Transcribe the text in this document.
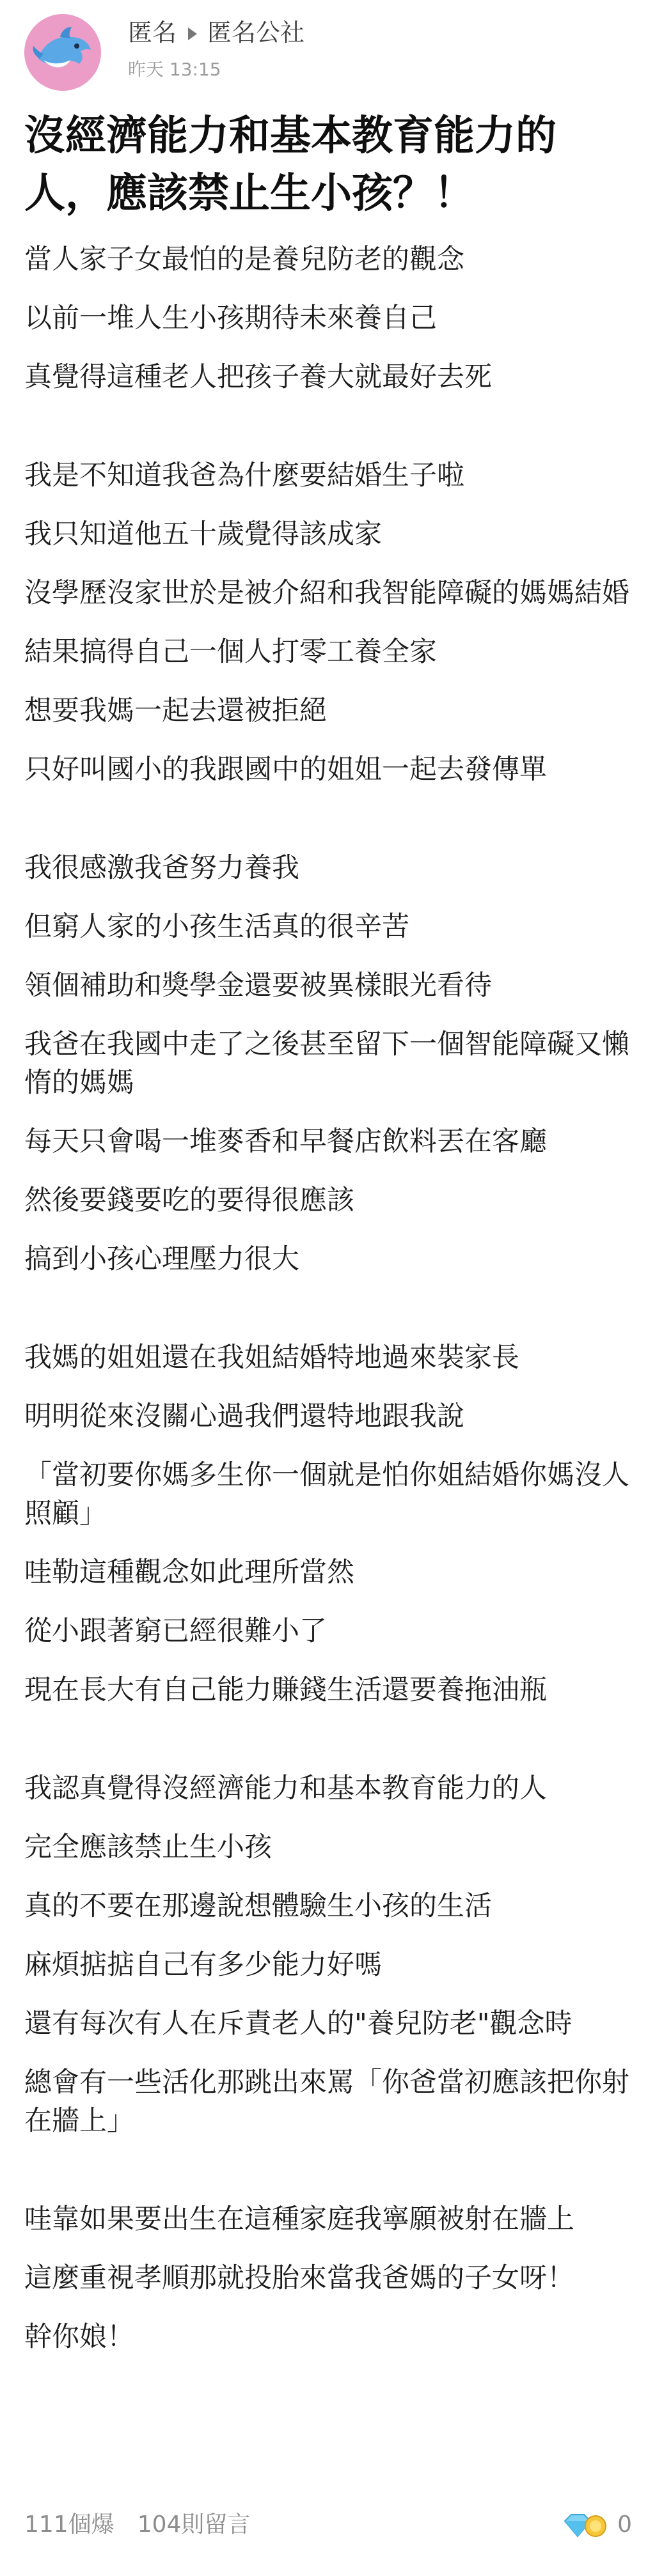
匿名 匿名公社
昨天 13:15
沒經濟能力和基本教育能力的人，應該禁止生小孩？！
當人家子女最怕的是養兒防老的觀念
以前一堆人生小孩期待未來養自己
真覺得這種老人把孩子養大就最好去死
我是不知道我爸為什麼要結婚生子啦
我只知道他五十歲覺得該成家
沒學歷沒家世於是被介紹和我智能障礙的媽媽結婚
結果搞得自己一個人打零工養全家
想要我媽一起去還被拒絕
只好叫國小的我跟國中的姐姐一起去發傳單
我很感激我爸努力養我
但窮人家的小孩生活真的很辛苦
領個補助和獎學金還要被異樣眼光看待
我爸在我國中走了之後甚至留下一個智能障礙又懶惰的媽媽
每天只會喝一堆麥香和早餐店飲料丟在客廳
然後要錢要吃的要得很應該
搞到小孩心理壓力很大
我媽的姐姐還在我姐結婚特地過來裝家長
明明從來沒關心過我們還特地跟我說
「當初要你媽多生你一個就是怕你姐結婚你媽沒人照顧」
哇勒這種觀念如此理所當然
從小跟著窮已經很難小了
現在長大有自己能力賺錢生活還要養拖油瓶
我認真覺得沒經濟能力和基本教育能力的人
完全應該禁止生小孩
真的不要在那邊說想體驗生小孩的生活
麻煩掂掂自己有多少能力好嗎
還有每次有人在斥責老人的"養兒防老"觀念時
總會有一些活化那跳出來罵「你爸當初應該把你射在牆上」
哇靠如果要出生在這種家庭我寧願被射在牆上
這麼重視孝順那就投胎來當我爸媽的子女呀！
幹你娘！
111個爆 104則留言	0
